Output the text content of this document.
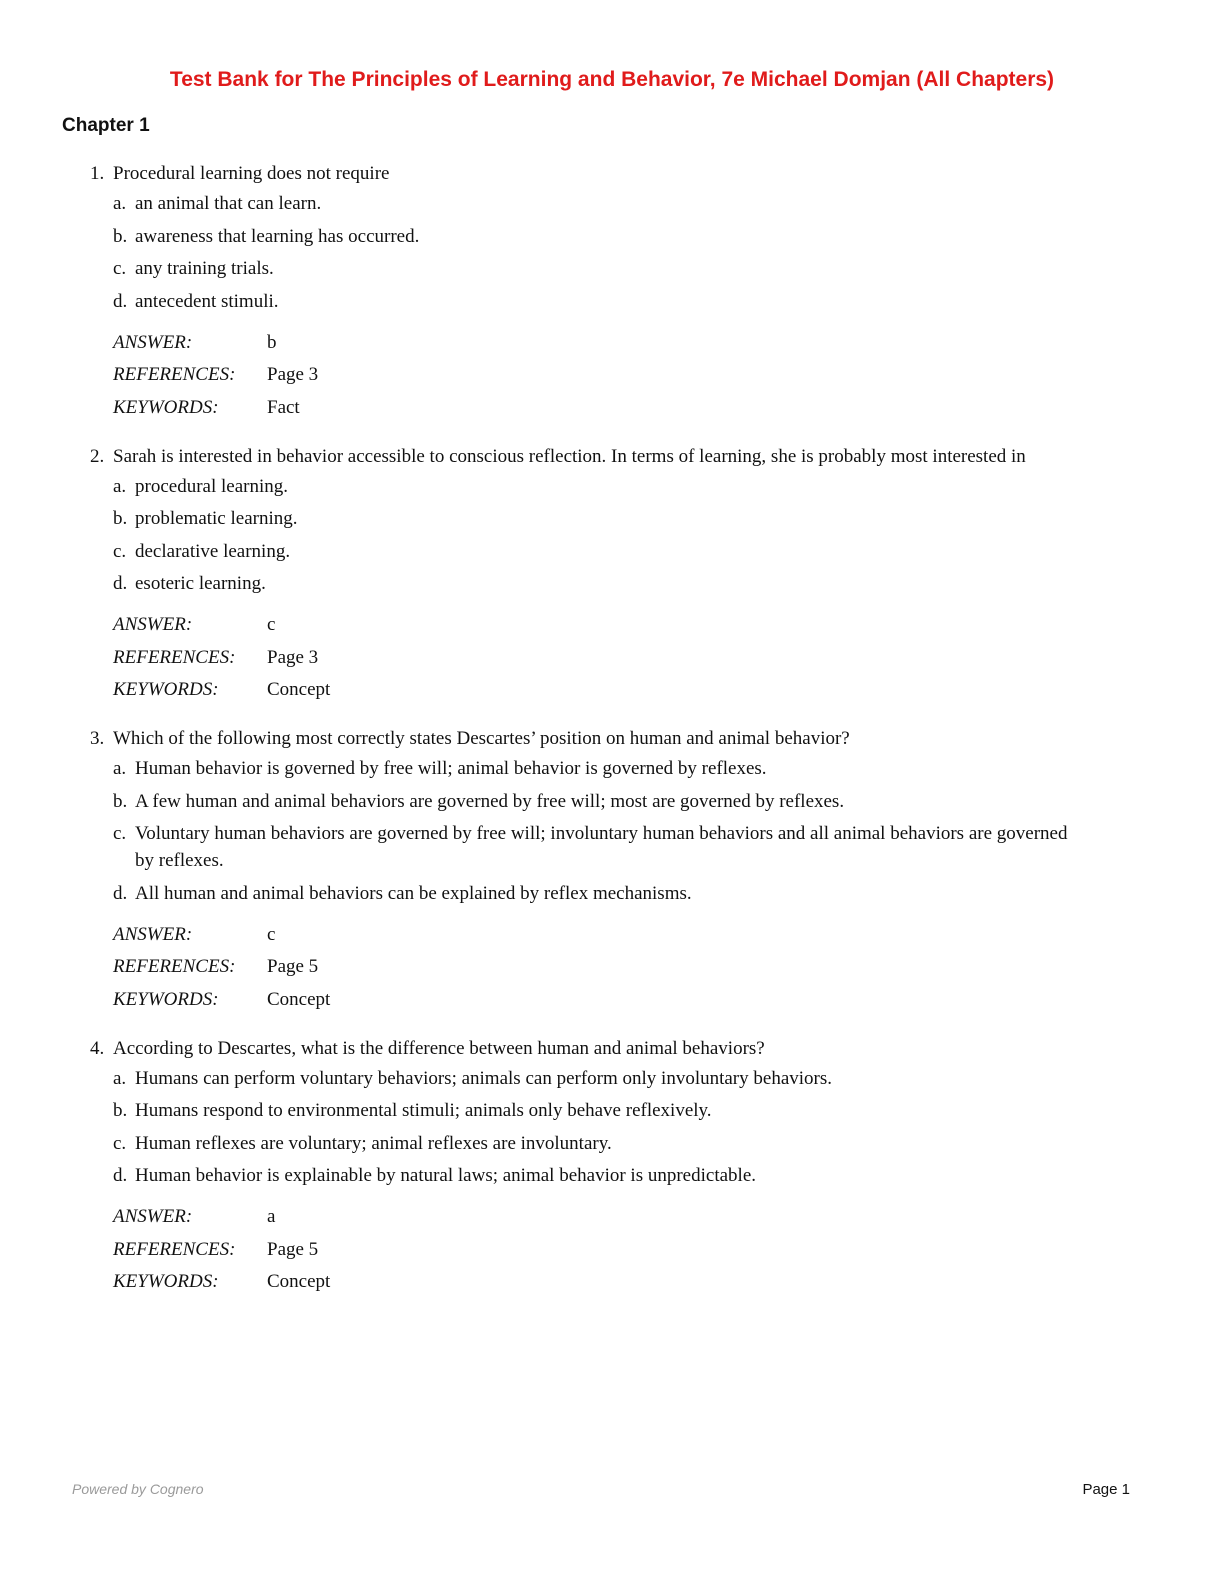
Test Bank for The Principles of Learning and Behavior, 7e Michael Domjan (All Chapters)
Chapter 1
1. Procedural learning does not require
a. an animal that can learn.
b. awareness that learning has occurred.
c. any training trials.
d. antecedent stimuli.
ANSWER:	b
REFERENCES:	Page 3
KEYWORDS:	Fact
2. Sarah is interested in behavior accessible to conscious reflection. In terms of learning, she is probably most interested in
a. procedural learning.
b. problematic learning.
c. declarative learning.
d. esoteric learning.
ANSWER:	c
REFERENCES:	Page 3
KEYWORDS:	Concept
3. Which of the following most correctly states Descartes’ position on human and animal behavior?
a. Human behavior is governed by free will; animal behavior is governed by reflexes.
b. A few human and animal behaviors are governed by free will; most are governed by reflexes.
c. Voluntary human behaviors are governed by free will; involuntary human behaviors and all animal behaviors are governed by reflexes.
d. All human and animal behaviors can be explained by reflex mechanisms.
ANSWER:	c
REFERENCES:	Page 5
KEYWORDS:	Concept
4. According to Descartes, what is the difference between human and animal behaviors?
a. Humans can perform voluntary behaviors; animals can perform only involuntary behaviors.
b. Humans respond to environmental stimuli; animals only behave reflexively.
c. Human reflexes are voluntary; animal reflexes are involuntary.
d. Human behavior is explainable by natural laws; animal behavior is unpredictable.
ANSWER:	a
REFERENCES:	Page 5
KEYWORDS:	Concept
Powered by Cognero	Page 1
